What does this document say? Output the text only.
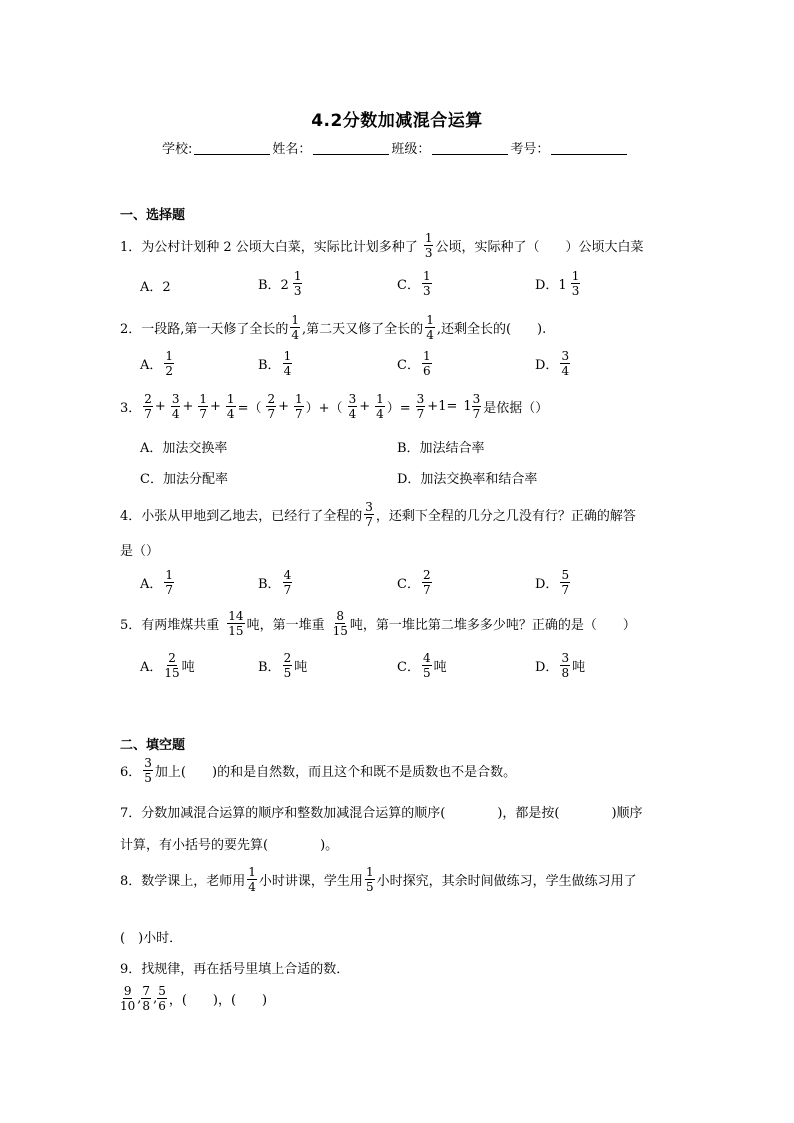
4.2分数加减混合运算
学校:	姓名：	班级：	考号：
一、选择题
1．为公村计划种 2 公顷大白菜，实际比计划多种了 $\frac{1}{3}$ 公顷，实际种了（　　）公顷大白菜
A．2	B．$2 \frac{1}{3}$	C． $\frac{1}{3}$	D．$1 \frac{1}{3}$
2．一段路,第一天修了全长的 $\frac{1}{4}$ ,第二天又修了全长的 $\frac{1}{4}$ ,还剩全长的(　　).
A． $\frac{1}{2}$	B． $\frac{1}{4}$	C． $\frac{1}{6}$	D． $\frac{3}{4}$
3． $\frac{2}{7} + \frac{3}{4} + \frac{1}{7} + \frac{1}{4}$ =（ $\frac{2}{7} + \frac{1}{7}$ ）+（ $\frac{3}{4} + \frac{1}{4}$ ）= $\frac{3}{7} +1= 1 \frac{3}{7}$ 是依据（）
A．加法交换率	B．加法结合率
C．加法分配率	D．加法交换率和结合率
4．小张从甲地到乙地去，已经行了全程的 $\frac{3}{7}$ ，还剩下全程的几分之几没有行？正确的解答
是（）
A． $\frac{1}{7}$	B． $\frac{4}{7}$	C． $\frac{2}{7}$	D． $\frac{5}{7}$
5．有两堆煤共重 $\frac{14}{15}$ 吨，第一堆重 $\frac{8}{15}$ 吨，第一堆比第二堆多多少吨？正确的是（　　）
A． $\frac{2}{15}$ 吨	B． $\frac{2}{5}$ 吨	C． $\frac{4}{5}$ 吨	D． $\frac{3}{8}$ 吨
二、填空题
6． $\frac{3}{5}$ 加上(　　)的和是自然数，而且这个和既不是质数也不是合数。
7．分数加减混合运算的顺序和整数加减混合运算的顺序(　　　　)，都是按(　　　　)顺序
计算，有小括号的要先算(　　　　)。
8．数学课上，老师用 $\frac{1}{4}$ 小时讲课，学生用 $\frac{1}{5}$ 小时探究，其余时间做练习，学生做练习用了
(　)小时．
9．找规律，再在括号里填上合适的数．
$\frac{9}{10}$ , $\frac{7}{8}$ , $\frac{5}{6}$ ，(　　)，(　　)
